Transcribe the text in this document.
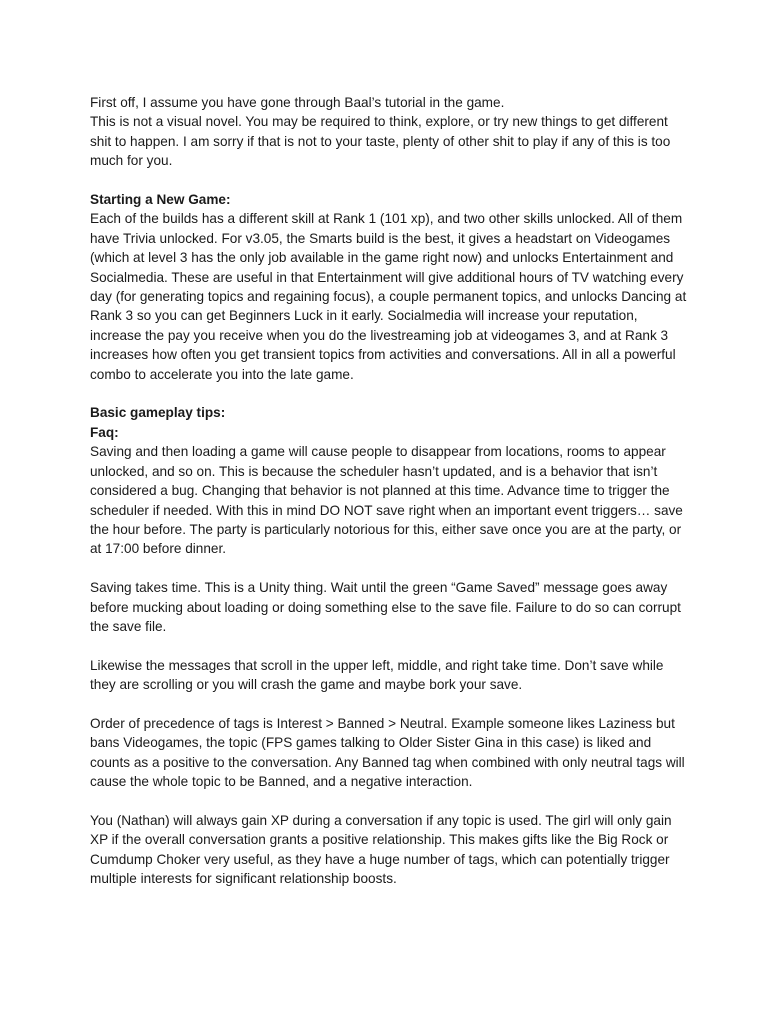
First off, I assume you have gone through Baal’s tutorial in the game.

This is not a visual novel. You may be required to think, explore, or try new things to get different shit to happen. I am sorry if that is not to your taste, plenty of other shit to play if any of this is too much for you.

Starting a New Game:

Each of the builds has a different skill at Rank 1 (101 xp), and two other skills unlocked. All of them have Trivia unlocked. For v3.05, the Smarts build is the best, it gives a headstart on Videogames (which at level 3 has the only job available in the game right now) and unlocks Entertainment and Socialmedia. These are useful in that Entertainment will give additional hours of TV watching every day (for generating topics and regaining focus), a couple permanent topics, and unlocks Dancing at Rank 3 so you can get Beginners Luck in it early. Socialmedia will increase your reputation, increase the pay you receive when you do the livestreaming job at videogames 3, and at Rank 3 increases how often you get transient topics from activities and conversations. All in all a powerful combo to accelerate you into the late game.

Basic gameplay tips:

Faq:

Saving and then loading a game will cause people to disappear from locations, rooms to appear unlocked, and so on. This is because the scheduler hasn’t updated, and is a behavior that isn’t considered a bug. Changing that behavior is not planned at this time. Advance time to trigger the scheduler if needed. With this in mind DO NOT save right when an important event triggers… save the hour before. The party is particularly notorious for this, either save once you are at the party, or at 17:00 before dinner.

Saving takes time. This is a Unity thing. Wait until the green “Game Saved” message goes away before mucking about loading or doing something else to the save file. Failure to do so can corrupt the save file.

Likewise the messages that scroll in the upper left, middle, and right take time. Don’t save while they are scrolling or you will crash the game and maybe bork your save.

Order of precedence of tags is Interest > Banned > Neutral. Example someone likes Laziness but bans Videogames, the topic (FPS games talking to Older Sister Gina in this case) is liked and counts as a positive to the conversation. Any Banned tag when combined with only neutral tags will cause the whole topic to be Banned, and a negative interaction.

You (Nathan) will always gain XP during a conversation if any topic is used. The girl will only gain XP if the overall conversation grants a positive relationship. This makes gifts like the Big Rock or Cumdump Choker very useful, as they have a huge number of tags, which can potentially trigger multiple interests for significant relationship boosts.
